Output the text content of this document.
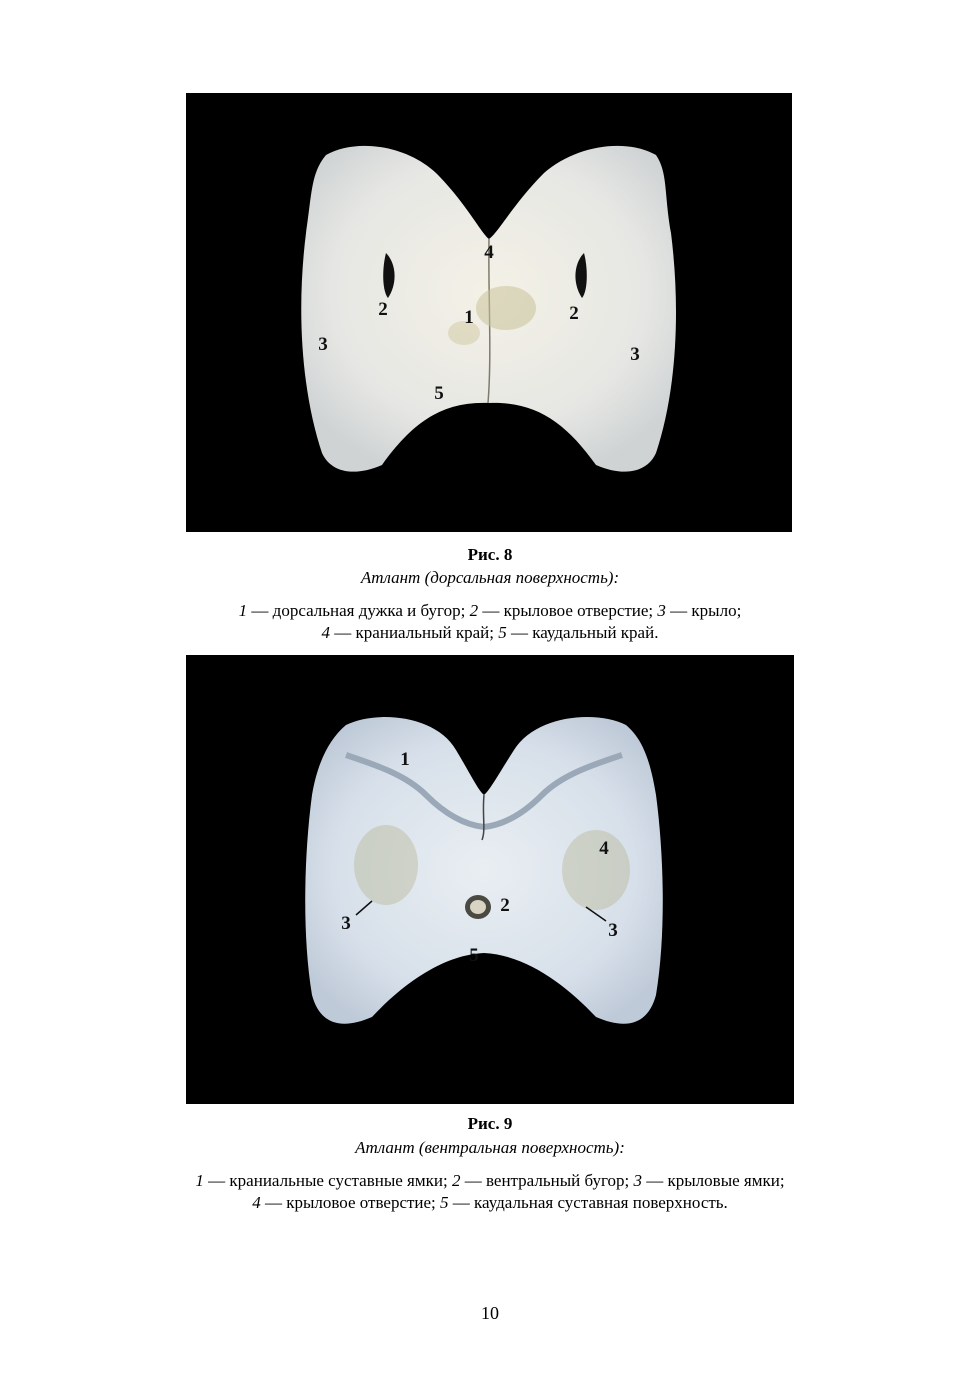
4
2	1	2
3	3
5
Рис. 8
Атлант (дорсальная поверхность):
1 — дорсальная дужка и бугор; 2 — крыловое отверстие; 3 — крыло;
4 — краниальный край; 5 — каудальный край.
1
4
2
3	3
5
Рис. 9
Атлант (вентральная поверхность):
1 — краниальные суставные ямки; 2 — вентральный бугор; 3 — крыловые ямки;
4 — крыловое отверстие; 5 — каудальная суставная поверхность.
10
